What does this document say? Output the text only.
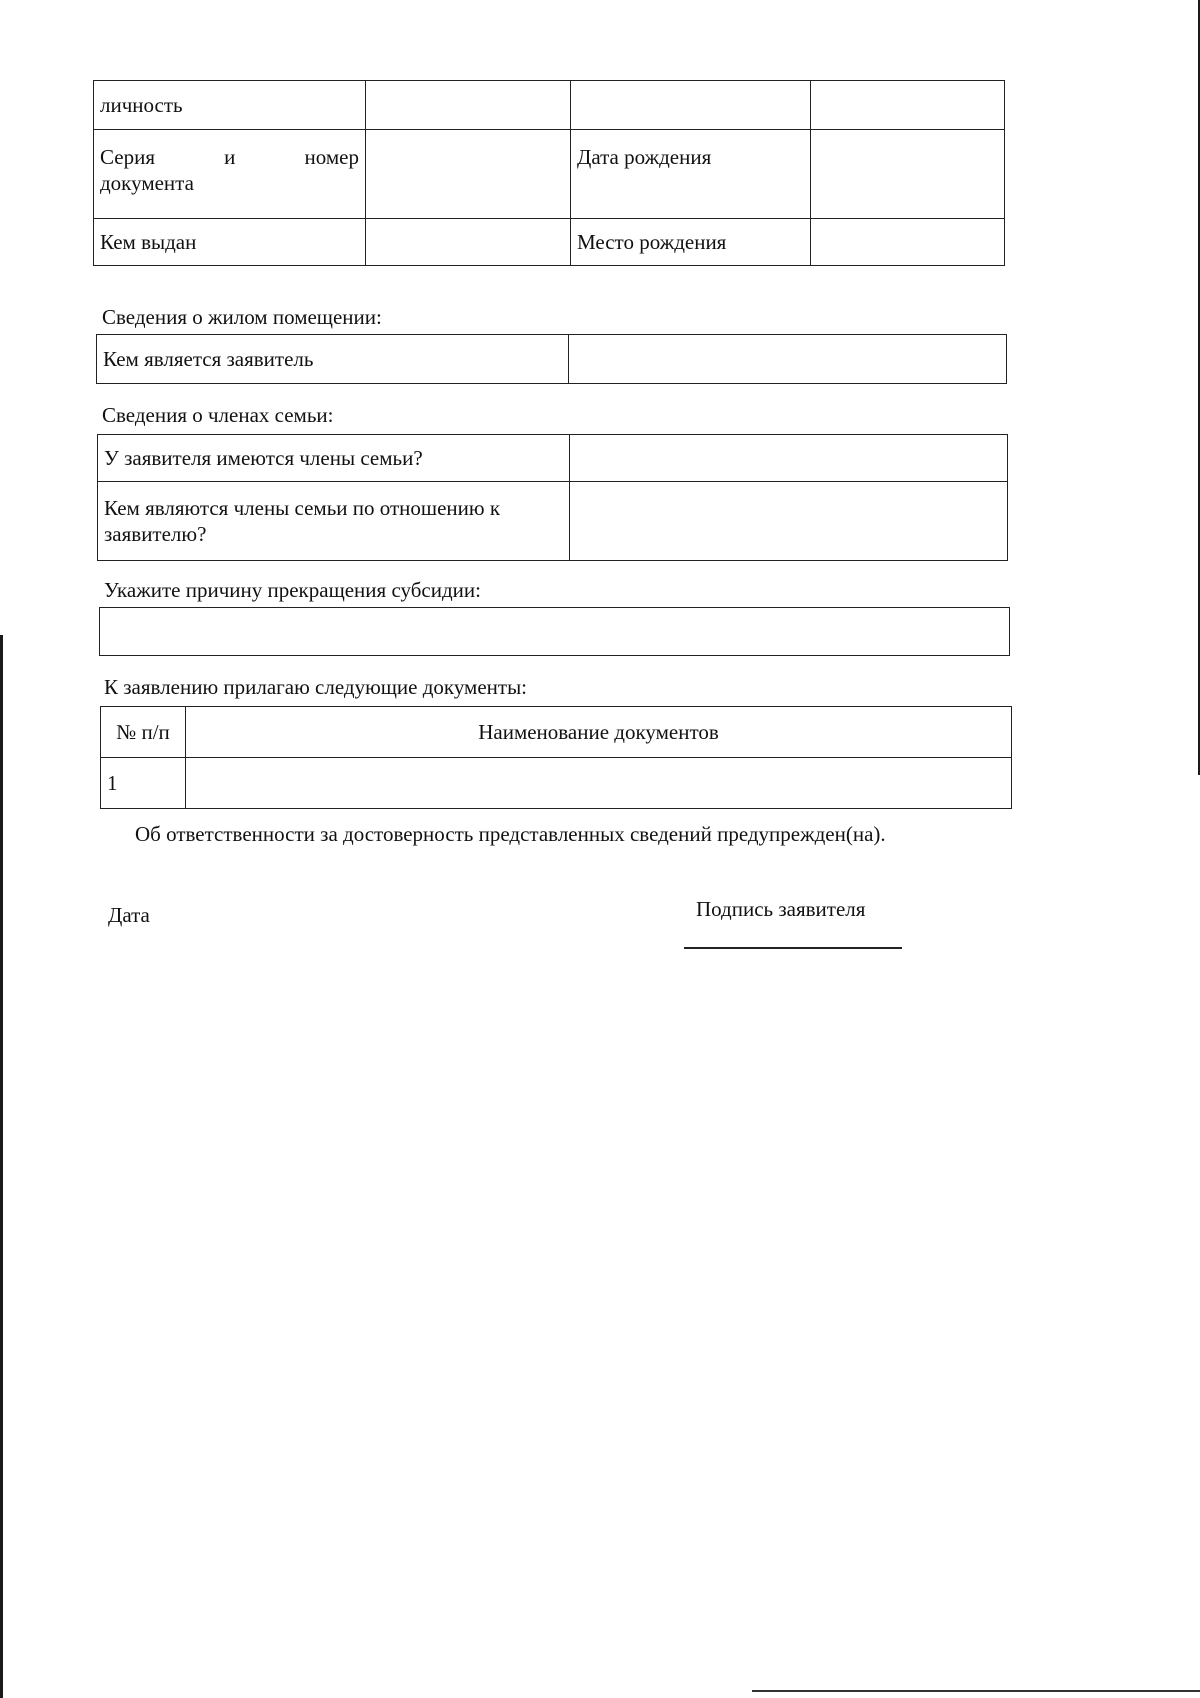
личность			

Серия и номер
документа		Дата рождения	
Кем выдан		Место рождения	
Сведения о жилом помещении:
Кем является заявитель	
Сведения о членах семьи:
У заявителя имеются члены семьи?	
Кем являются члены семьи по отношению к заявителю?	
Укажите причину прекращения субсидии:
К заявлению прилагаю следующие документы:
№ п/п	Наименование документов
1	
Об ответственности за достоверность представленных сведений предупрежден(на).
Дата	Подпись заявителя
